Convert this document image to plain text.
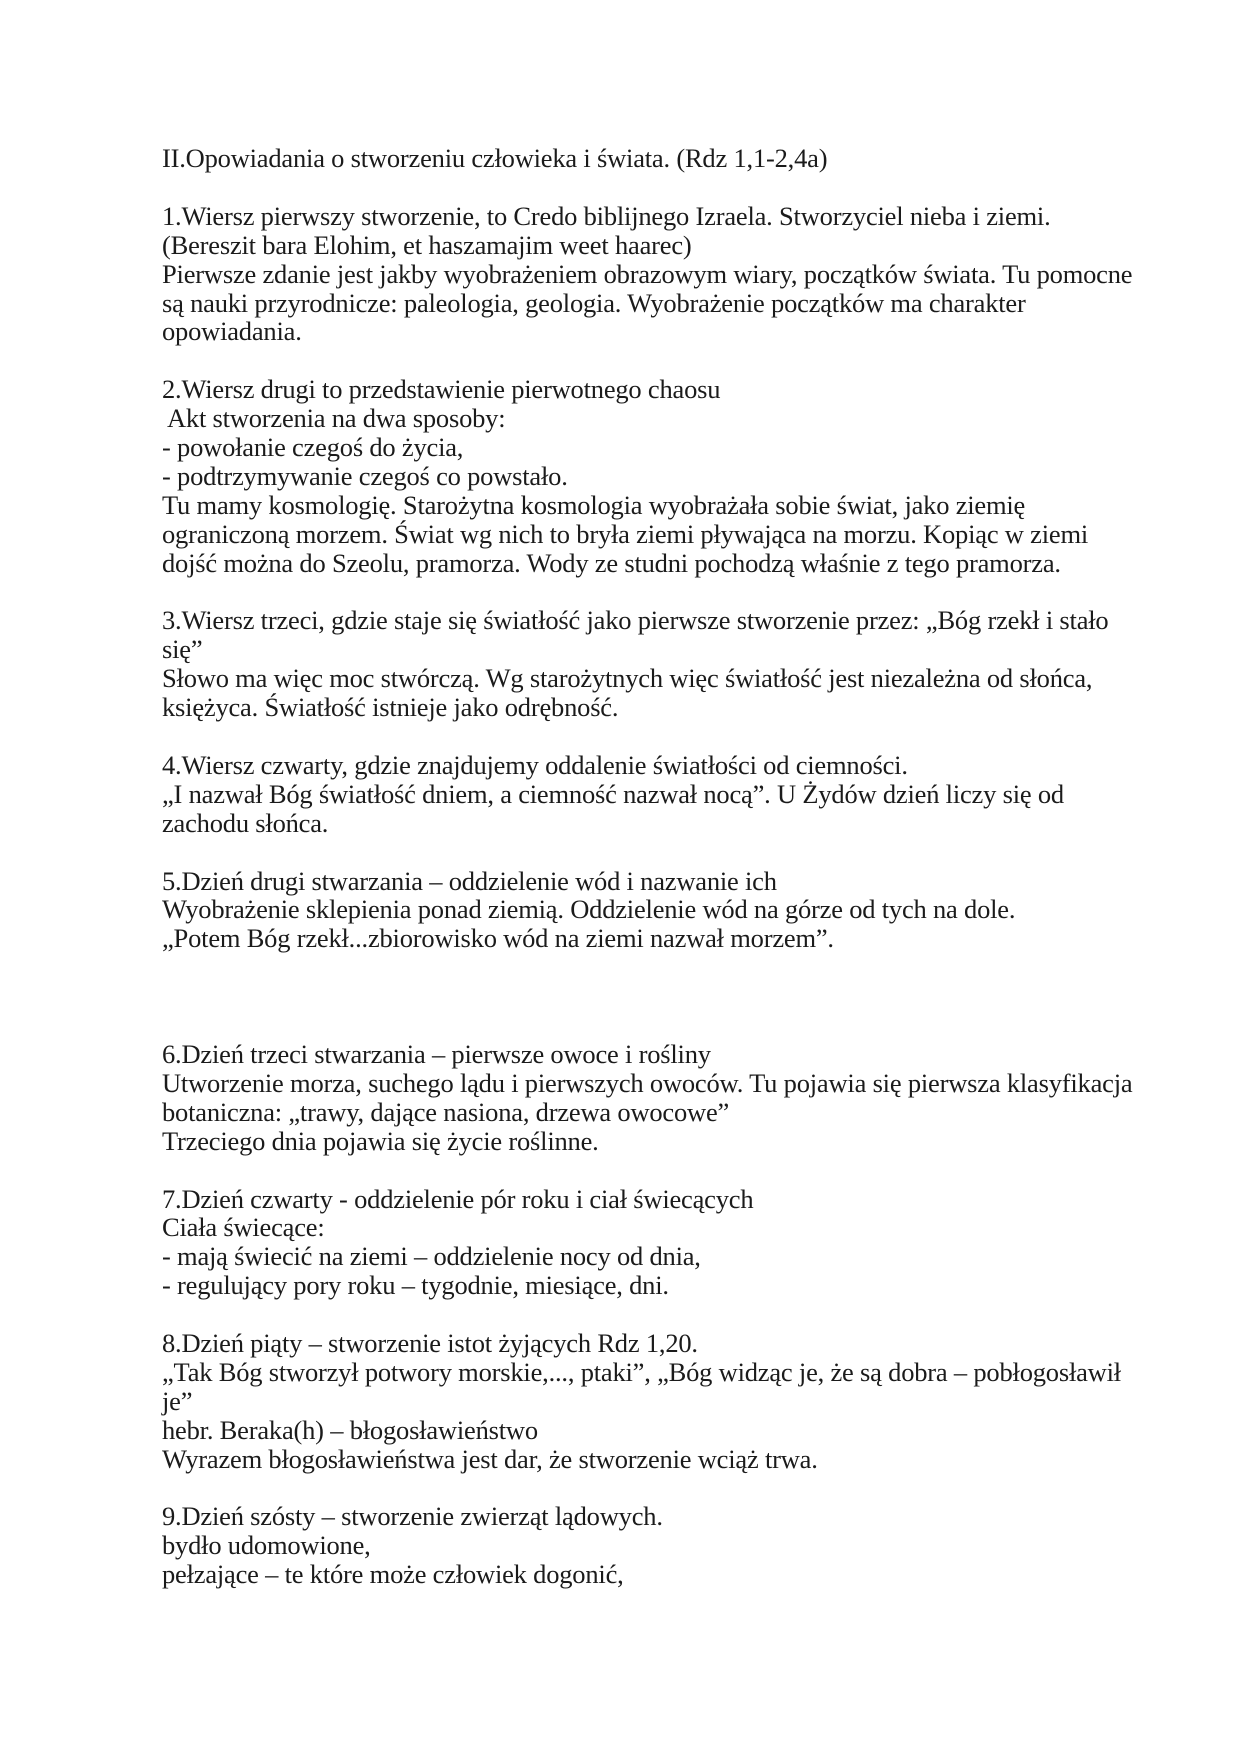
II.Opowiadania o stworzeniu człowieka i świata. (Rdz 1,1-2,4a)
1.Wiersz pierwszy stworzenie, to Credo biblijnego Izraela. Stworzyciel nieba i ziemi.
(Bereszit bara Elohim, et haszamajim weet haarec)
Pierwsze zdanie jest jakby wyobrażeniem obrazowym wiary, początków świata. Tu pomocne
są nauki przyrodnicze: paleologia, geologia. Wyobrażenie początków ma charakter
opowiadania.
2.Wiersz drugi to przedstawienie pierwotnego chaosu
Akt stworzenia na dwa sposoby:
- powołanie czegoś do życia,
- podtrzymywanie czegoś co powstało.
Tu mamy kosmologię. Starożytna kosmologia wyobrażała sobie świat, jako ziemię
ograniczoną morzem. Świat wg nich to bryła ziemi pływająca na morzu. Kopiąc w ziemi
dojść można do Szeolu, pramorza. Wody ze studni pochodzą właśnie z tego pramorza.
3.Wiersz trzeci, gdzie staje się światłość jako pierwsze stworzenie przez: „Bóg rzekł i stało
się”
Słowo ma więc moc stwórczą. Wg starożytnych więc światłość jest niezależna od słońca,
księżyca. Światłość istnieje jako odrębność.
4.Wiersz czwarty, gdzie znajdujemy oddalenie światłości od ciemności.
„I nazwał Bóg światłość dniem, a ciemność nazwał nocą”. U Żydów dzień liczy się od
zachodu słońca.
5.Dzień drugi stwarzania – oddzielenie wód i nazwanie ich
Wyobrażenie sklepienia ponad ziemią. Oddzielenie wód na górze od tych na dole.
„Potem Bóg rzekł...zbiorowisko wód na ziemi nazwał morzem”.
6.Dzień trzeci stwarzania – pierwsze owoce i rośliny
Utworzenie morza, suchego lądu i pierwszych owoców. Tu pojawia się pierwsza klasyfikacja
botaniczna: „trawy, dające nasiona, drzewa owocowe”
Trzeciego dnia pojawia się życie roślinne.
7.Dzień czwarty - oddzielenie pór roku i ciał świecących
Ciała świecące:
- mają świecić na ziemi – oddzielenie nocy od dnia,
- regulujący pory roku – tygodnie, miesiące, dni.
8.Dzień piąty – stworzenie istot żyjących Rdz 1,20.
„Tak Bóg stworzył potwory morskie,..., ptaki”, „Bóg widząc je, że są dobra – pobłogosławił
je”
hebr. Beraka(h) – błogosławieństwo
Wyrazem błogosławieństwa jest dar, że stworzenie wciąż trwa.
9.Dzień szósty – stworzenie zwierząt lądowych.
bydło udomowione,
pełzające – te które może człowiek dogonić,
